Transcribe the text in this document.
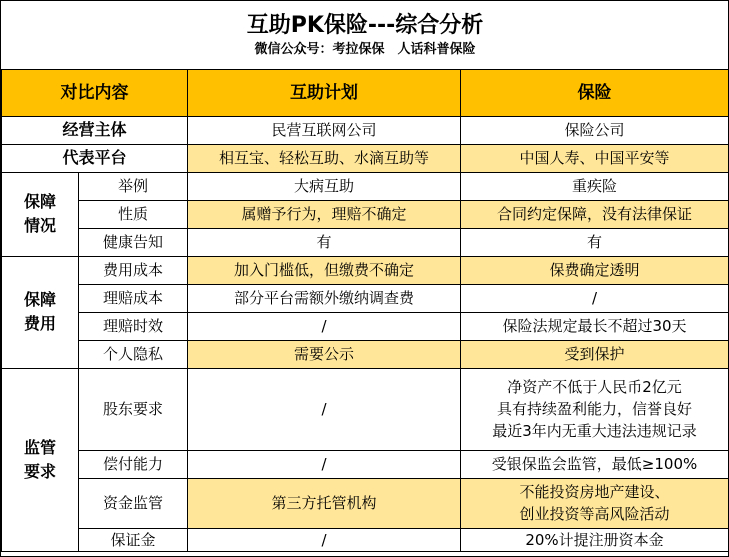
互助PK保险---综合分析
微信公众号：考拉保保　人话科普保险			

对比内容		互助计划	保险
经营主体		民营互联网公司	保险公司
代表平台		相互宝、轻松互助、水滴互助等	中国人寿、中国平安等

保障
情况	举例	大病互助	重疾险
	性质	属赠予行为，理赔不确定	合同约定保障，没有法律保证
	健康告知	有	有

保障
费用	费用成本	加入门槛低，但缴费不确定	保费确定透明
	理赔成本	部分平台需额外缴纳调查费	/
	理赔时效	/	保险法规定最长不超过30天
	个人隐私	需要公示	受到保护

监管
要求	股东要求	/	净资产不低于人民币2亿元
具有持续盈利能力，信誉良好
最近3年内无重大违法违规记录

	偿付能力	/	受银保监会监管，最低≥100%
	资金监管	第三方托管机构	不能投资房地产建设、
创业投资等高风险活动

	保证金	/	20%计提注册资本金
